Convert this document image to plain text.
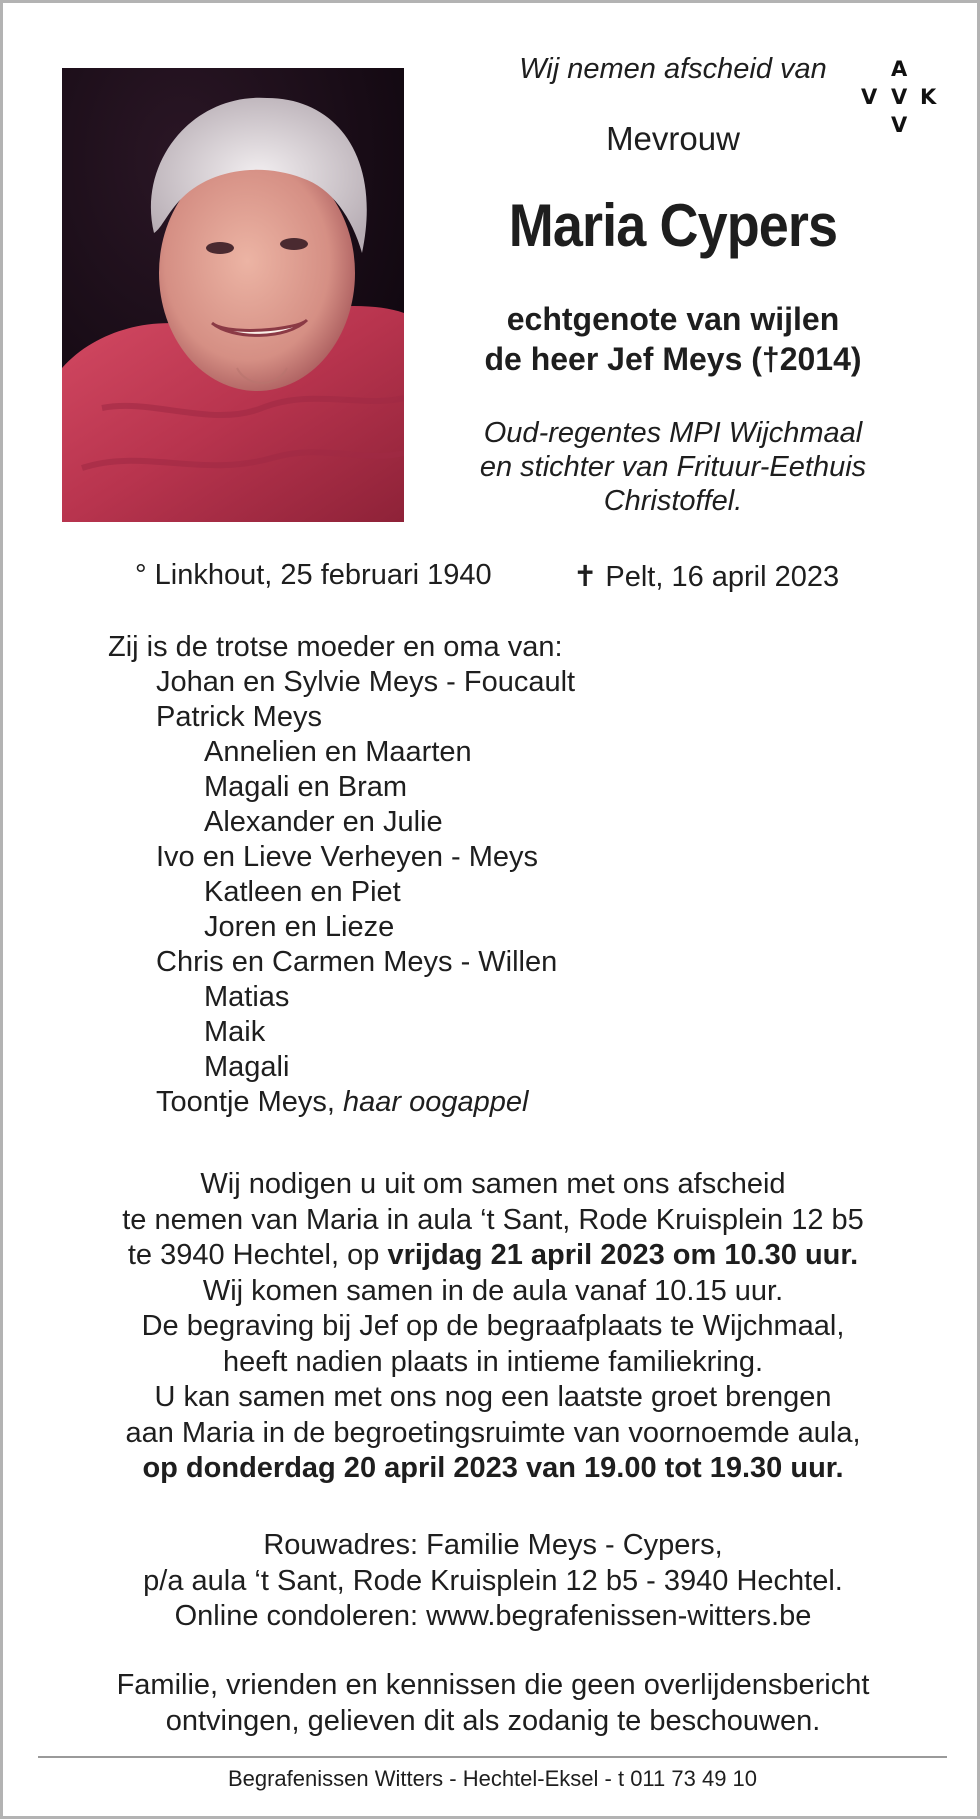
Wij nemen afscheid van	A
V V K
V
Mevrouw
Maria Cypers
echtgenote van wijlen
de heer Jef Meys (†2014)
Oud-regentes MPI Wijchmaal
en stichter van Frituur-Eethuis
Christoffel.
° Linkhout, 25 februari 1940	✝ Pelt, 16 april 2023
Zij is de trotse moeder en oma van:
Johan en Sylvie Meys - Foucault
Patrick Meys
Annelien en Maarten
Magali en Bram
Alexander en Julie
Ivo en Lieve Verheyen - Meys
Katleen en Piet
Joren en Lieze
Chris en Carmen Meys - Willen
Matias
Maik
Magali
Toontje Meys, haar oogappel
Wij nodigen u uit om samen met ons afscheid
te nemen van Maria in aula ‘t Sant, Rode Kruisplein 12 b5
te 3940 Hechtel, op vrijdag 21 april 2023 om 10.30 uur.
Wij komen samen in de aula vanaf 10.15 uur.
De begraving bij Jef op de begraafplaats te Wijchmaal,
heeft nadien plaats in intieme familiekring.
U kan samen met ons nog een laatste groet brengen
aan Maria in de begroetingsruimte van voornoemde aula,
op donderdag 20 april 2023 van 19.00 tot 19.30 uur.
Rouwadres: Familie Meys - Cypers,
p/a aula ‘t Sant, Rode Kruisplein 12 b5 - 3940 Hechtel.
Online condoleren: www.begrafenissen-witters.be
Familie, vrienden en kennissen die geen overlijdensbericht
ontvingen, gelieven dit als zodanig te beschouwen.
Begrafenissen Witters - Hechtel-Eksel - t 011 73 49 10
